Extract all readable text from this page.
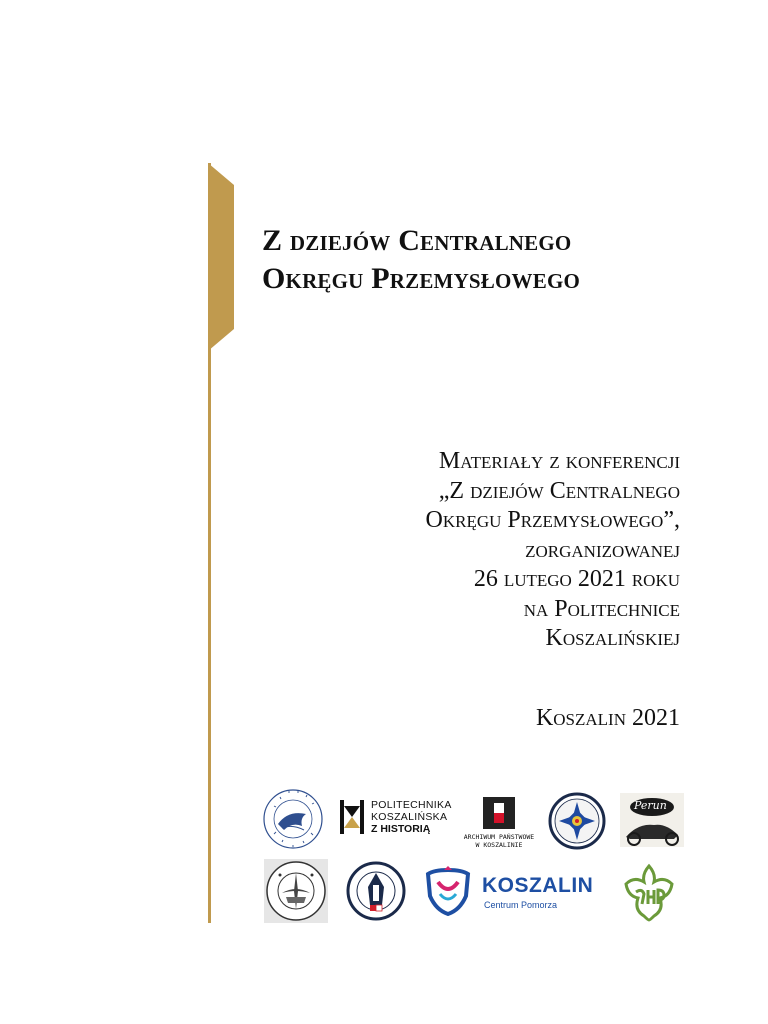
Z dziejów Centralnego
Okręgu Przemysłowego
Materiały z konferencji
„Z dziejów Centralnego
Okręgu Przemysłowego”,
zorganizowanej
26 lutego 2021 roku
na Politechnice
Koszalińskiej
Koszalin 2021
POLITECHNIKA
KOSZALIŃSKA
Z HISTORIĄ
ARCHIWUM PAŃSTWOWE
W KOSZALINIE
Perun
KOSZALIN
Centrum Pomorza
